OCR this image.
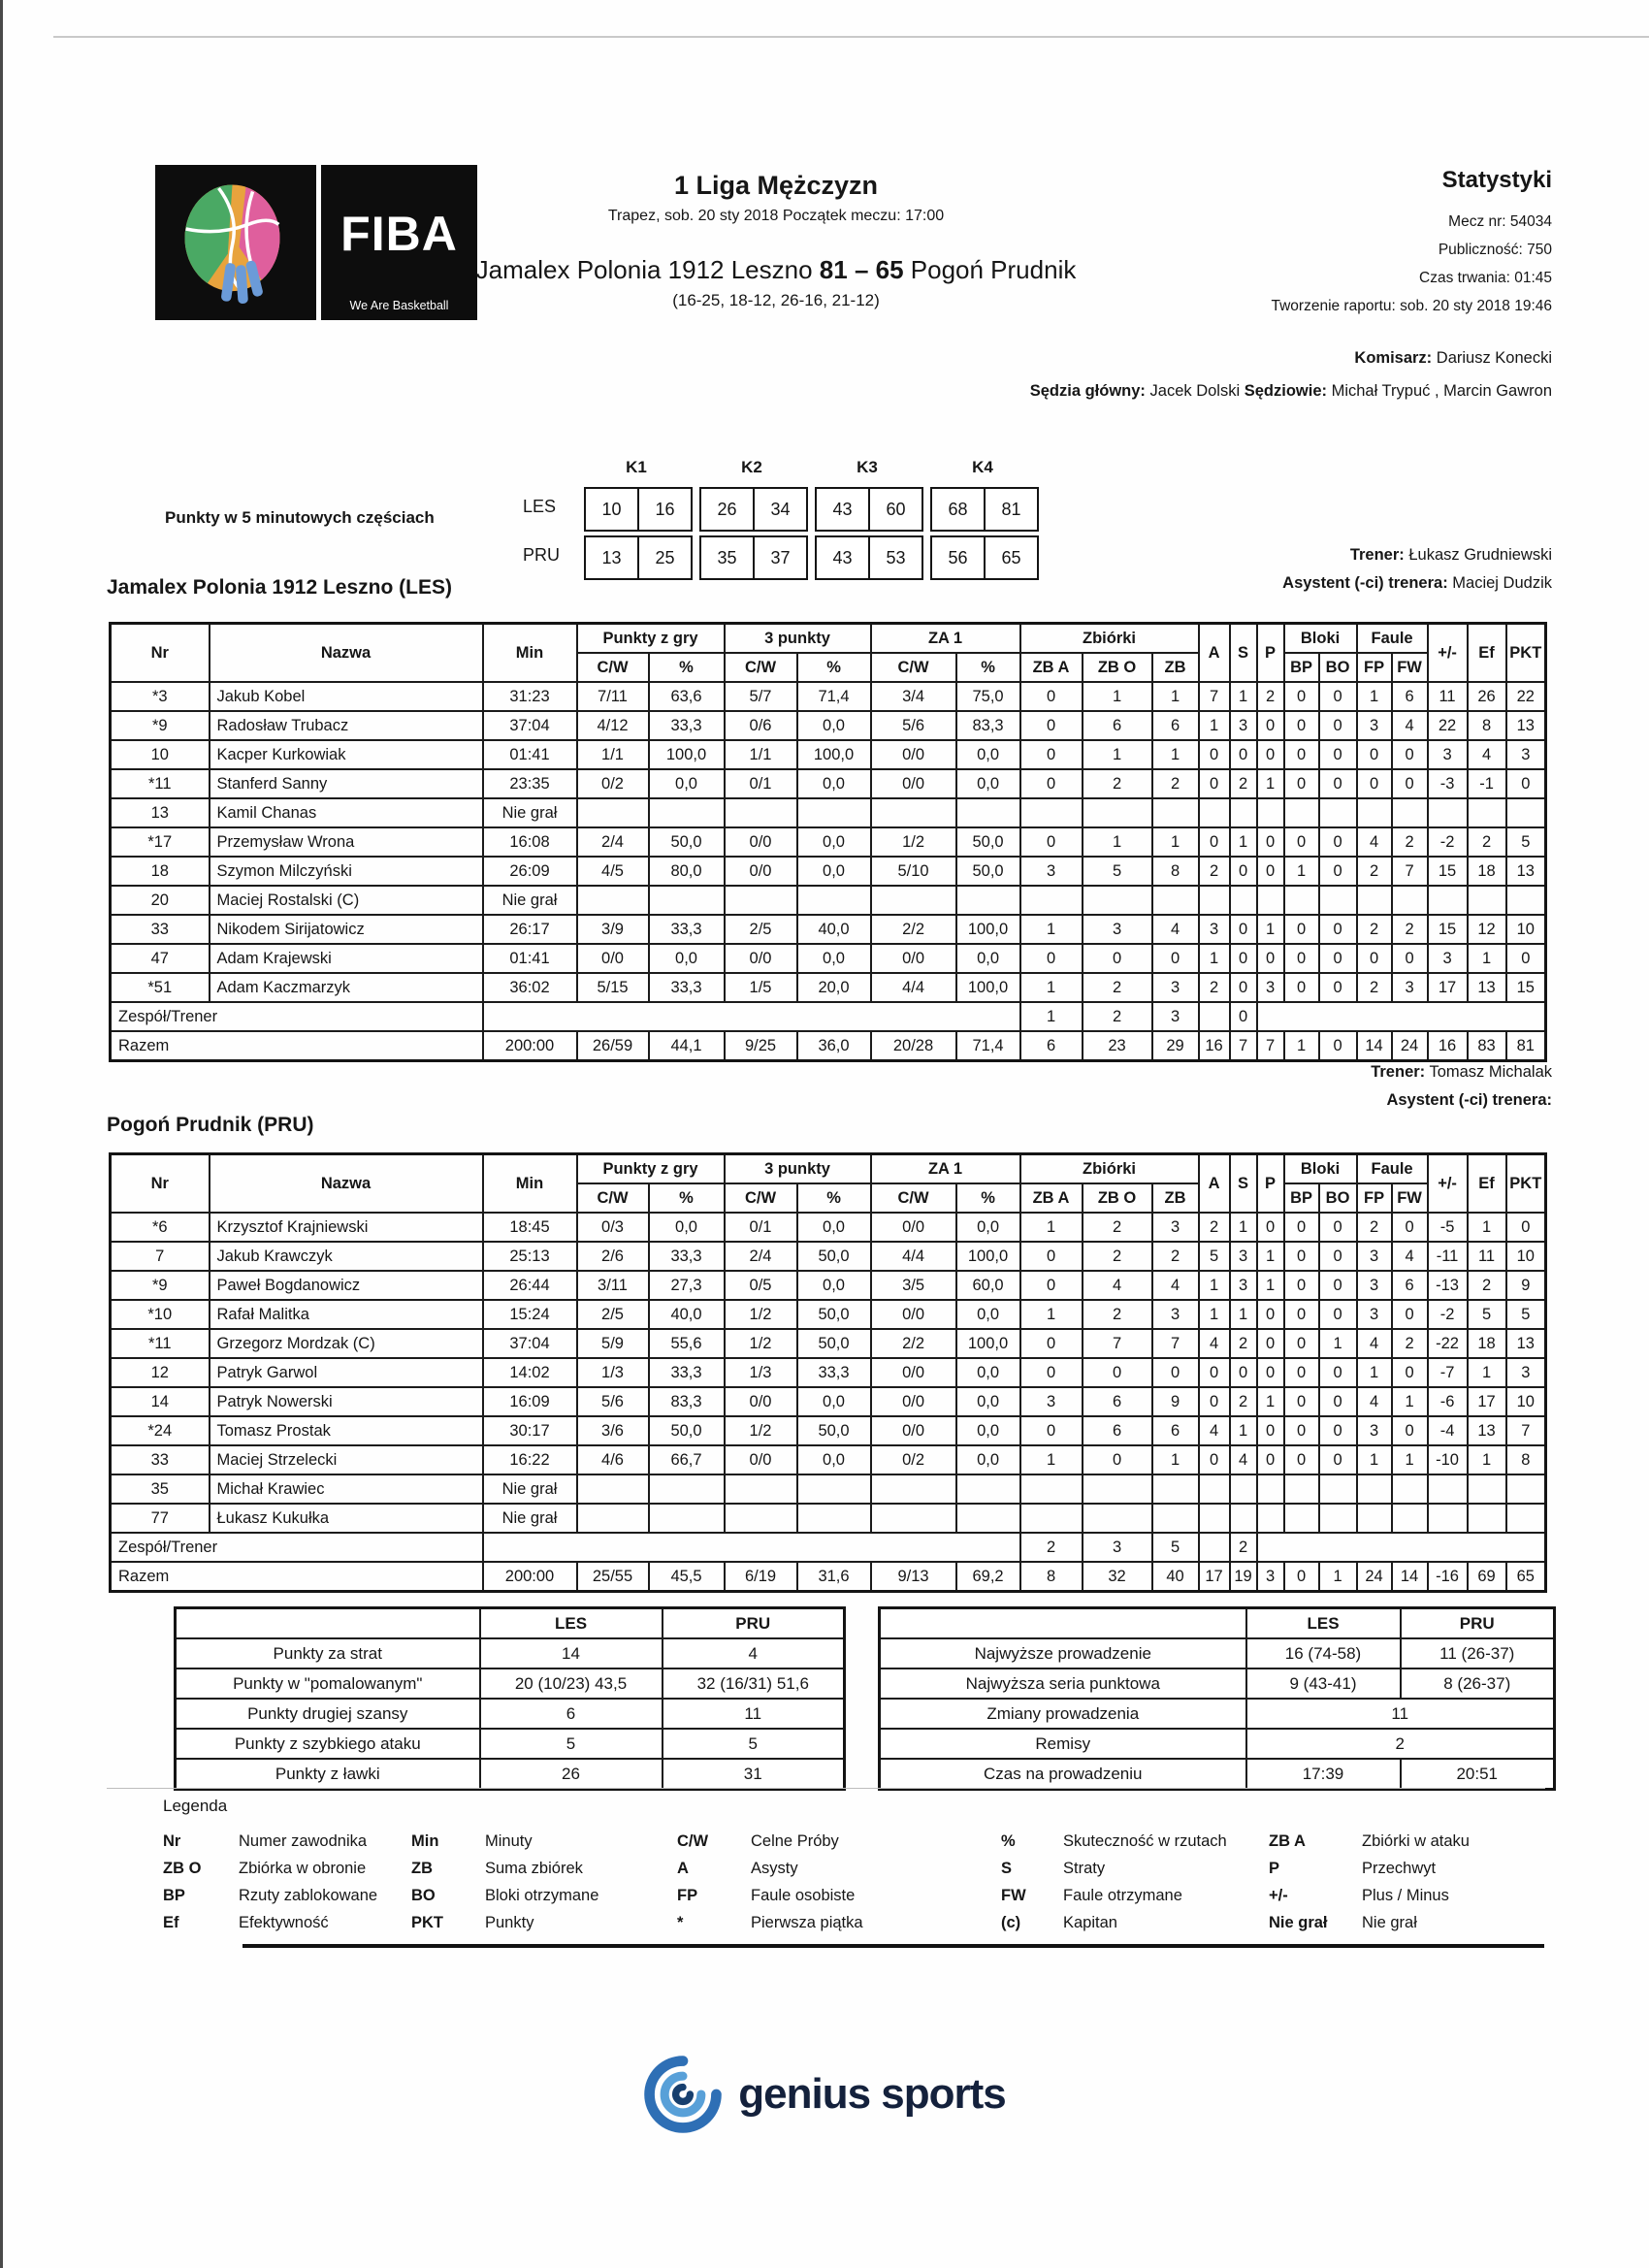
FIBA
We Are Basketball
1 Liga Mężczyzn
Trapez, sob. 20 sty 2018 Początek meczu: 17:00
Jamalex Polonia 1912 Leszno 81 – 65 Pogoń Prudnik
(16-25, 18-12, 26-16, 21-12)
Statystyki
Mecz nr: 54034
Publiczność: 750
Czas trwania: 01:45
Tworzenie raportu: sob. 20 sty 2018 19:46
Komisarz: Dariusz Konecki
Sędzia główny: Jacek Dolski Sędziowie: Michał Trypuć , Marcin Gawron
Punkty w 5 minutowych częściach
K1	K2	K3	K4
LES	10	16	26	34	43	60	68	81
PRU	13	25	35	37	43	53	56	65	Trener: Łukasz Grudniewski
Asystent (-ci) trenera: Maciej Dudzik
Jamalex Polonia 1912 Leszno (LES)
Nr	Nazwa	Min	Punkty z gry		3 punkty		ZA 1		Zbiórki			A	S	P	Bloki		Faule		+/-	Ef	PKT
			C/W	%	C/W	%	C/W	%	ZB A	ZB O	ZB				BP	BO	FP	FW			
*3	Jakub Kobel	31:23	7/11	63,6	5/7	71,4	3/4	75,0	0	1	1	7	1	2	0	0	1	6	11	26	22
*9	Radosław Trubacz	37:04	4/12	33,3	0/6	0,0	5/6	83,3	0	6	6	1	3	0	0	0	3	4	22	8	13
10	Kacper Kurkowiak	01:41	1/1	100,0	1/1	100,0	0/0	0,0	0	1	1	0	0	0	0	0	0	0	3	4	3
*11	Stanferd Sanny	23:35	0/2	0,0	0/1	0,0	0/0	0,0	0	2	2	0	2	1	0	0	0	0	-3	-1	0
13	Kamil Chanas	Nie grał																			
*17	Przemysław Wrona	16:08	2/4	50,0	0/0	0,0	1/2	50,0	0	1	1	0	1	0	0	0	4	2	-2	2	5
18	Szymon Milczyński	26:09	4/5	80,0	0/0	0,0	5/10	50,0	3	5	8	2	0	0	1	0	2	7	15	18	13
20	Maciej Rostalski (C)	Nie grał																			
33	Nikodem Sirijatowicz	26:17	3/9	33,3	2/5	40,0	2/2	100,0	1	3	4	3	0	1	0	0	2	2	15	12	10
47	Adam Krajewski	01:41	0/0	0,0	0/0	0,0	0/0	0,0	0	0	0	1	0	0	0	0	0	0	3	1	0
*51	Adam Kaczmarzyk	36:02	5/15	33,3	1/5	20,0	4/4	100,0	1	2	3	2	0	3	0	0	2	3	17	13	15
Zespół/Trener									1	2	3		0								
Razem		200:00	26/59	44,1	9/25	36,0	20/28	71,4	6	23	29	16	7	7	1	0	14	24	16	83	81
Trener: Tomasz Michalak
Asystent (-ci) trenera:
Pogoń Prudnik (PRU)
Nr	Nazwa	Min	Punkty z gry		3 punkty		ZA 1		Zbiórki			A	S	P	Bloki		Faule		+/-	Ef	PKT
			C/W	%	C/W	%	C/W	%	ZB A	ZB O	ZB				BP	BO	FP	FW			
*6	Krzysztof Krajniewski	18:45	0/3	0,0	0/1	0,0	0/0	0,0	1	2	3	2	1	0	0	0	2	0	-5	1	0
7	Jakub Krawczyk	25:13	2/6	33,3	2/4	50,0	4/4	100,0	0	2	2	5	3	1	0	0	3	4	-11	11	10
*9	Paweł Bogdanowicz	26:44	3/11	27,3	0/5	0,0	3/5	60,0	0	4	4	1	3	1	0	0	3	6	-13	2	9
*10	Rafał Malitka	15:24	2/5	40,0	1/2	50,0	0/0	0,0	1	2	3	1	1	0	0	0	3	0	-2	5	5
*11	Grzegorz Mordzak (C)	37:04	5/9	55,6	1/2	50,0	2/2	100,0	0	7	7	4	2	0	0	1	4	2	-22	18	13
12	Patryk Garwol	14:02	1/3	33,3	1/3	33,3	0/0	0,0	0	0	0	0	0	0	0	0	1	0	-7	1	3
14	Patryk Nowerski	16:09	5/6	83,3	0/0	0,0	0/0	0,0	3	6	9	0	2	1	0	0	4	1	-6	17	10
*24	Tomasz Prostak	30:17	3/6	50,0	1/2	50,0	0/0	0,0	0	6	6	4	1	0	0	0	3	0	-4	13	7
33	Maciej Strzelecki	16:22	4/6	66,7	0/0	0,0	0/2	0,0	1	0	1	0	4	0	0	0	1	1	-10	1	8
35	Michał Krawiec	Nie grał																			
77	Łukasz Kukułka	Nie grał																			
Zespół/Trener									2	3	5		2								
Razem		200:00	25/55	45,5	6/19	31,6	9/13	69,2	8	32	40	17	19	3	0	1	24	14	-16	69	65
	LES	PRU
Punkty za strat	14	4
Punkty w "pomalowanym"	20 (10/23) 43,5	32 (16/31) 51,6
Punkty drugiej szansy	6	11
Punkty z szybkiego ataku	5	5
Punkty z ławki	26	31
	LES	PRU
Najwyższe prowadzenie	16 (74-58)	11 (26-37)
Najwyższa seria punktowa	9 (43-41)	8 (26-37)
Zmiany prowadzenia	11	
Remisy	2	
Czas na prowadzeniu	17:39	20:51
Legenda
Nr	Numer zawodnika	Min	Minuty	C/W	Celne Próby	%	Skuteczność w rzutach	ZB A	Zbiórki w ataku
ZB O	Zbiórka w obronie	ZB	Suma zbiórek	A	Asysty	S	Straty	P	Przechwyt
BP	Rzuty zablokowane	BO	Bloki otrzymane	FP	Faule osobiste	FW	Faule otrzymane	+/-	Plus / Minus
Ef	Efektywność	PKT	Punkty	*	Pierwsza piątka	(c)	Kapitan	Nie grał	Nie grał
genius sports
